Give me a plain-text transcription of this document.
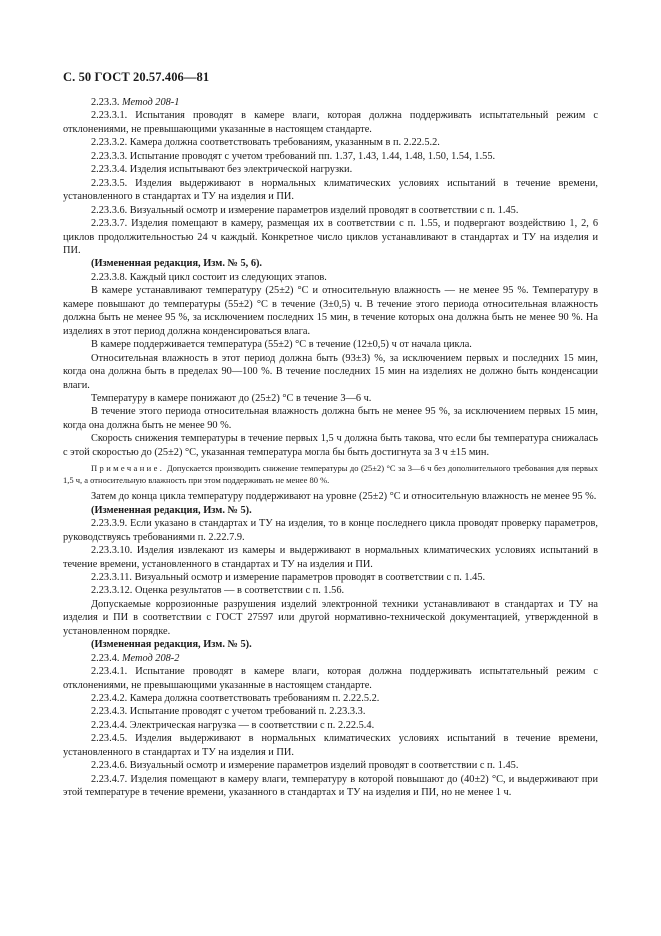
С. 50 ГОСТ 20.57.406—81

2.23.3. Метод 208-1

2.23.3.1. Испытания проводят в камере влаги, которая должна поддерживать испытательный режим с отклонениями, не превышающими указанные в настоящем стандарте.

2.23.3.2. Камера должна соответствовать требованиям, указанным в п. 2.22.5.2.

2.23.3.3. Испытание проводят с учетом требований пп. 1.37, 1.43, 1.44, 1.48, 1.50, 1.54, 1.55.

2.23.3.4. Изделия испытывают без электрической нагрузки.

2.23.3.5. Изделия выдерживают в нормальных климатических условиях испытаний в течение времени, установленного в стандартах и ТУ на изделия и ПИ.

2.23.3.6. Визуальный осмотр и измерение параметров изделий проводят в соответствии с п. 1.45.

2.23.3.7. Изделия помещают в камеру, размещая их в соответствии с п. 1.55, и подвергают воздействию 1, 2, 6 циклов продолжительностью 24 ч каждый. Конкретное число циклов устанавливают в стандартах и ТУ на изделия и ПИ.

(Измененная редакция, Изм. № 5, 6).

2.23.3.8. Каждый цикл состоит из следующих этапов.

В камере устанавливают температуру (25±2) °С и относительную влажность — не менее 95 %. Температуру в камере повышают до температуры (55±2) °С в течение (3±0,5) ч. В течение этого периода относительная влажность должна быть не менее 95 %, за исключением последних 15 мин, в течение которых она должна быть не менее 90 %. На изделиях в этот период должна конденсироваться влага.

В камере поддерживается температура (55±2) °С в течение (12±0,5) ч от начала цикла.

Относительная влажность в этот период должна быть (93±3) %, за исключением первых и последних 15 мин, когда она должна быть в пределах 90—100 %. В течение последних 15 мин на изделиях не должно быть конденсации влаги.

Температуру в камере понижают до (25±2) °С в течение 3—6 ч.

В течение этого периода относительная влажность должна быть не менее 95 %, за исключением первых 15 мин, когда она должна быть не менее 90 %.

Скорость снижения температуры в течение первых 1,5 ч должна быть такова, что если бы температура снижалась с этой скоростью до (25±2) °С, указанная температура могла бы быть достигнута за 3 ч ±15 мин.

Примечание. Допускается производить снижение температуры до (25±2) °С за 3—6 ч без дополнительного требования для первых 1,5 ч, а относительную влажность при этом поддерживать не менее 80 %.

Затем до конца цикла температуру поддерживают на уровне (25±2) °С и относительную влажность не менее 95 %.

(Измененная редакция, Изм. № 5).

2.23.3.9. Если указано в стандартах и ТУ на изделия, то в конце последнего цикла проводят проверку параметров, руководствуясь требованиями п. 2.22.7.9.

2.23.3.10. Изделия извлекают из камеры и выдерживают в нормальных климатических условиях испытаний в течение времени, установленного в стандартах и ТУ на изделия и ПИ.

2.23.3.11. Визуальный осмотр и измерение параметров проводят в соответствии с п. 1.45.

2.23.3.12. Оценка результатов — в соответствии с п. 1.56.

Допускаемые коррозионные разрушения изделий электронной техники устанавливают в стандартах и ТУ на изделия и ПИ в соответствии с ГОСТ 27597 или другой нормативно-технической документацией, утвержденной в установленном порядке.

(Измененная редакция, Изм. № 5).

2.23.4. Метод 208-2

2.23.4.1. Испытание проводят в камере влаги, которая должна поддерживать испытательный режим с отклонениями, не превышающими указанные в настоящем стандарте.

2.23.4.2. Камера должна соответствовать требованиям п. 2.22.5.2.

2.23.4.3. Испытание проводят с учетом требований п. 2.23.3.3.

2.23.4.4. Электрическая нагрузка — в соответствии с п. 2.22.5.4.

2.23.4.5. Изделия выдерживают в нормальных климатических условиях испытаний в течение времени, установленного в стандартах и ТУ на изделия и ПИ.

2.23.4.6. Визуальный осмотр и измерение параметров изделий проводят в соответствии с п. 1.45.

2.23.4.7. Изделия помещают в камеру влаги, температуру в которой повышают до (40±2) °С, и выдерживают при этой температуре в течение времени, указанного в стандартах и ТУ на изделия и ПИ, но не менее 1 ч.
